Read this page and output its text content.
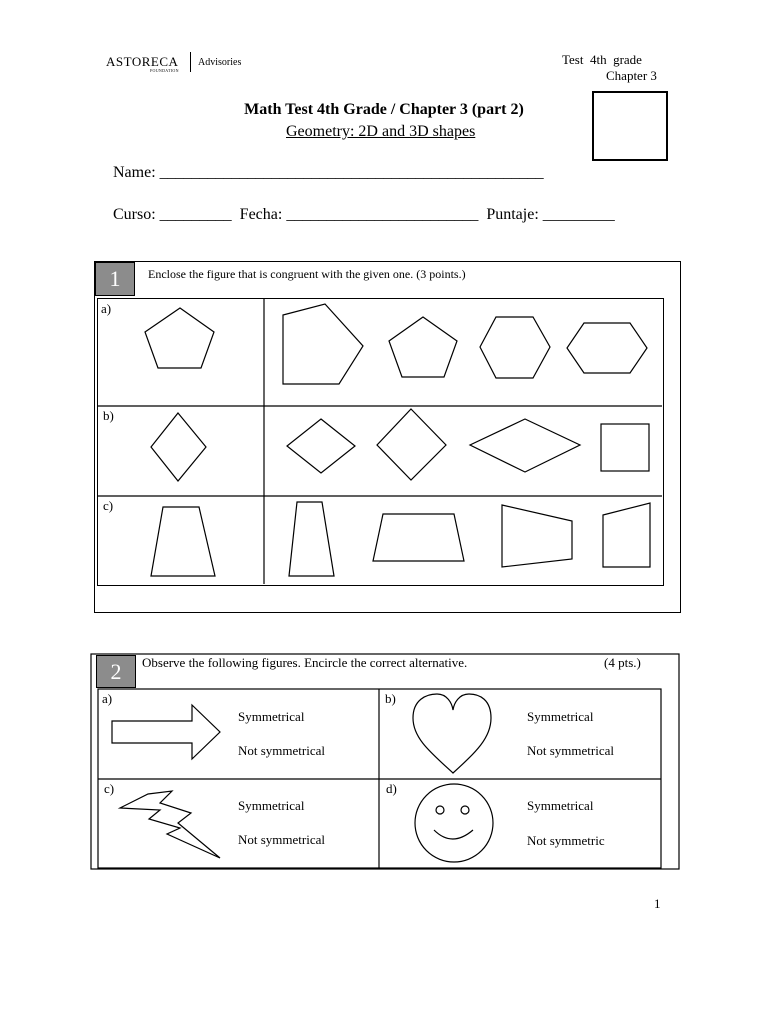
ASTORECA
FOUNDATION
Advisories	Test  4th  grade
Chapter 3
Math Test 4th Grade / Chapter 3 (part 2)
Geometry: 2D and 3D shapes
Name: ________________________________________________
Curso: _________  Fecha: ________________________  Puntaje: _________
1	Enclose the figure that is congruent with the given one. (3 points.)
a)
b)
c)
2	Observe the following figures. Encircle the correct alternative.	(4 pts.)
a)
Symmetrical
Not symmetrical
b)
Symmetrical
Not symmetrical
c)
Symmetrical
Not symmetrical
d)
Symmetrical
Not symmetric
1
